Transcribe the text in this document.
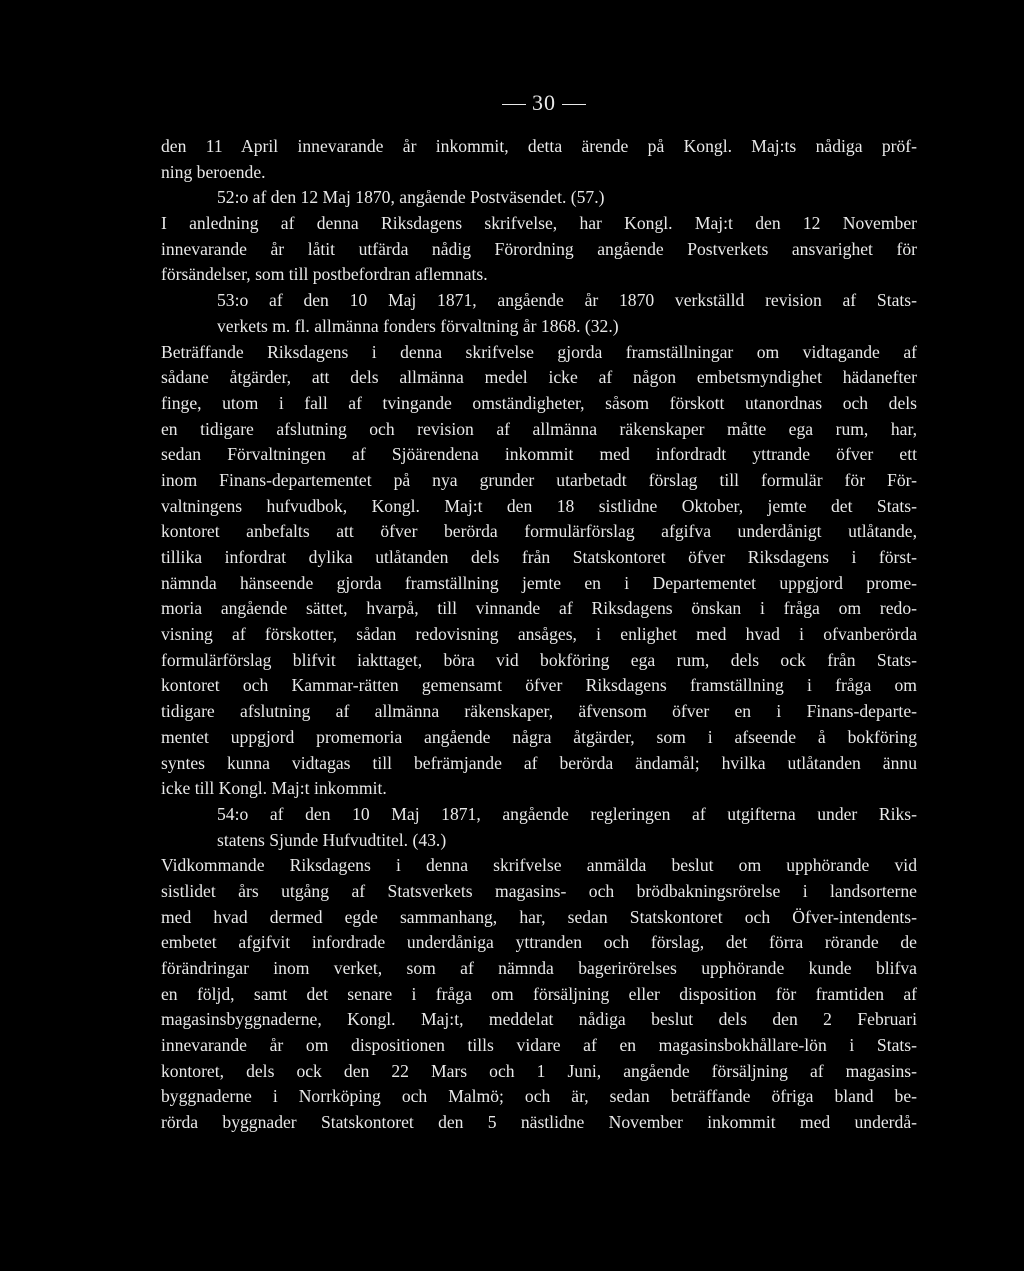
30
den 11 April innevarande år inkommit, detta ärende på Kongl. Maj:ts nådiga pröf-
ning beroende.
52:o af den 12 Maj 1870, angående Postväsendet. (57.)
I anledning af denna Riksdagens skrifvelse, har Kongl. Maj:t den 12 November
innevarande år låtit utfärda nådig Förordning angående Postverkets ansvarighet för
försändelser, som till postbefordran aflemnats.
53:o af den 10 Maj 1871, angående år 1870 verkställd revision af Stats-
verkets m. fl. allmänna fonders förvaltning år 1868. (32.)
Beträffande Riksdagens i denna skrifvelse gjorda framställningar om vidtagande af
sådane åtgärder, att dels allmänna medel icke af någon embetsmyndighet hädanefter
finge, utom i fall af tvingande omständigheter, såsom förskott utanordnas och dels
en tidigare afslutning och revision af allmänna räkenskaper måtte ega rum, har,
sedan Förvaltningen af Sjöärendena inkommit med infordradt yttrande öfver ett
inom Finans-departementet på nya grunder utarbetadt förslag till formulär för För-
valtningens hufvudbok, Kongl. Maj:t den 18 sistlidne Oktober, jemte det Stats-
kontoret anbefalts att öfver berörda formulärförslag afgifva underdånigt utlåtande,
tillika infordrat dylika utlåtanden dels från Statskontoret öfver Riksdagens i först-
nämnda hänseende gjorda framställning jemte en i Departementet uppgjord prome-
moria angående sättet, hvarpå, till vinnande af Riksdagens önskan i fråga om redo-
visning af förskotter, sådan redovisning ansåges, i enlighet med hvad i ofvanberörda
formulärförslag blifvit iakttaget, böra vid bokföring ega rum, dels ock från Stats-
kontoret och Kammar-rätten gemensamt öfver Riksdagens framställning i fråga om
tidigare afslutning af allmänna räkenskaper, äfvensom öfver en i Finans-departe-
mentet uppgjord promemoria angående några åtgärder, som i afseende å bokföring
syntes kunna vidtagas till befrämjande af berörda ändamål; hvilka utlåtanden ännu
icke till Kongl. Maj:t inkommit.
54:o af den 10 Maj 1871, angående regleringen af utgifterna under Riks-
statens Sjunde Hufvudtitel. (43.)
Vidkommande Riksdagens i denna skrifvelse anmälda beslut om upphörande vid
sistlidet års utgång af Statsverkets magasins- och brödbakningsrörelse i landsorterne
med hvad dermed egde sammanhang, har, sedan Statskontoret och Öfver-intendents-
embetet afgifvit infordrade underdåniga yttranden och förslag, det förra rörande de
förändringar inom verket, som af nämnda bagerirörelses upphörande kunde blifva
en följd, samt det senare i fråga om försäljning eller disposition för framtiden af
magasinsbyggnaderne, Kongl. Maj:t, meddelat nådiga beslut dels den 2 Februari
innevarande år om dispositionen tills vidare af en magasinsbokhållare-lön i Stats-
kontoret, dels ock den 22 Mars och 1 Juni, angående försäljning af magasins-
byggnaderne i Norrköping och Malmö; och är, sedan beträffande öfriga bland be-
rörda byggnader Statskontoret den 5 nästlidne November inkommit med underdå-
